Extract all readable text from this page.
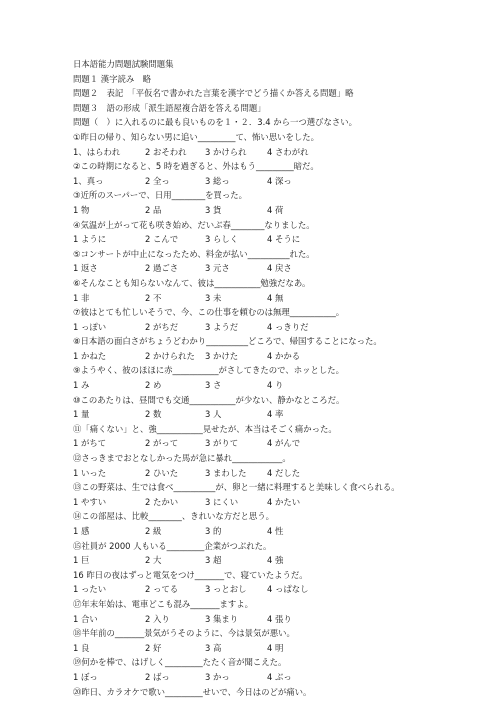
日本語能力問題試験問題集
問題１ 漢字読み　略
問題２　表記　「平仮名で書かれた言葉を漢字でどう描くか答える問題」略
問題３　語の形成「派生語屋複合語を答える問題」
問題（　）に入れるのに最も良いものを１・２．3.4 から一つ選びなさい。
①昨日の帰り、知らない男に追い_________て、怖い思いをした。
1、はらわれ	2 おそわれ	3 かけられ	4 さわがれ
②この時期になると、5 時を過ぎると、外はもう_________暗だ。
1、真っ	2 全っ	3 総っ	4 深っ
③近所のスーパーで、日用________を買った。
1 物	2 品	3 貨	4 荷
④気温が上がって花も咲き始め、だいぶ春________なりました。
1 ように	2 こんで	3 らしく	4 そうに
⑤コンサートが中止になったため、料金が払い__________れた。
1 返さ	2 過ごさ	3 元さ	4 戻さ
⑥そんなことも知らないなんて、彼は___________勉強だなあ。
1 非	2 不	3 未	4 無
⑦彼はとても忙しいそうで、今、この仕事を頼むのは無理___________。
1 っぽい	2 がちだ	3 ようだ	4 っきりだ
⑧日本語の面白さがちょうどわかり__________どころで、帰国することになった。
1 かねた	2 かけられた	3 かけた	4 かかる
⑨ようやく、彼のほほに赤___________がさしてきたので、ホッとした。
1 み	2 め	3 さ	4 り
⑩このあたりは、昼間でも交通___________が少ない、静かなところだ。
1 量	2 数	3 人	4 率
⑪「痛くない」と、強___________見せたが、本当はそごく痛かった。
1 がちて	2 がって	3 がりて	4 がんで
⑫さっきまでおとなしかった馬が急に暴れ____________。
1 いった	2 ひいた	3 まわした	4 だした
⑬この野菜は、生では食べ__________が、卵と一緒に料理すると美味しく食べられる。
1 やすい	2 たかい	3 にくい	4 かたい
⑭この部屋は、比較________、きれいな方だと思う。
1 感	2 級	3 的	4 性
⑮社員が 2000 人もいる_________企業がつぶれた。
1 巨	2 大	3 超	4 強
16 昨日の夜はずっと電気をつけ_______で、寝ていたようだ。
1 ったい	2 ってる	3 っとおし	4 っぱなし
⑰年末年始は、電車どこも混み_______ますよ。
1 合い	2 入り	3 集まり	4 張り
⑱半年前の_______景気がうそのように、今は景気が悪い。
1 良	2 好	3 高	4 明
⑲何かを棒で、はげしく_________たたく音が聞こえた。
1 ぼっ	2 ばっ	3 かっ	4 ぶっ
⑳昨日、カラオケで歌い_________せいで、今日はのどが痛い。
